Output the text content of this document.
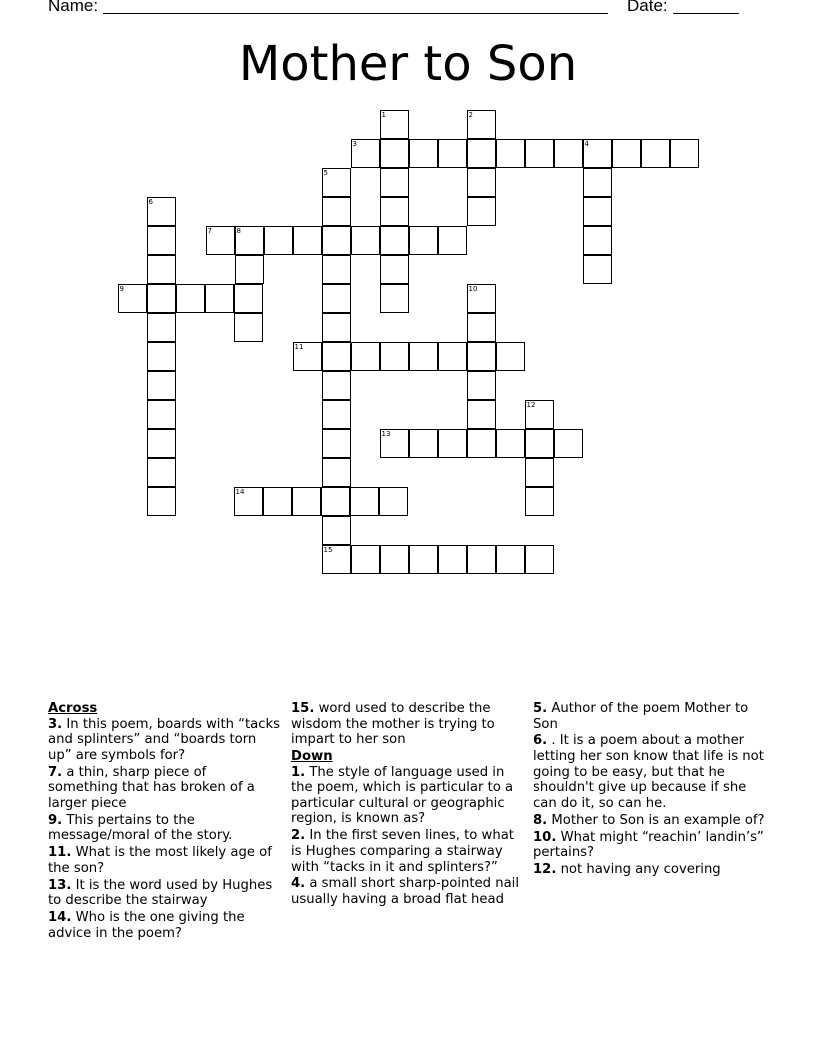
Name:	Date:
Mother to Son
1	2
3	4
5
6
7	8
9	10
11
12
13
14
15
Across
3. In this poem, boards with “tacks and splinters” and “boards torn up” are symbols for?
7. a thin, sharp piece of something that has broken of a larger piece
9. This pertains to the message/moral of the story.
11. What is the most likely age of the son?
13. It is the word used by Hughes to describe the stairway
14. Who is the one giving the advice in the poem?
15. word used to describe the wisdom the mother is trying to impart to her son
Down
1. The style of language used in the poem, which is particular to a particular cultural or geographic region, is known as?
2. In the first seven lines, to what is Hughes comparing a stairway with “tacks in it and splinters?”
4. a small short sharp-pointed nail usually having a broad flat head
5. Author of the poem Mother to Son
6. . It is a poem about a mother letting her son know that life is not going to be easy, but that he shouldn't give up because if she can do it, so can he.
8. Mother to Son is an example of?
10. What might “reachin’ landin’s” pertains?
12. not having any covering
